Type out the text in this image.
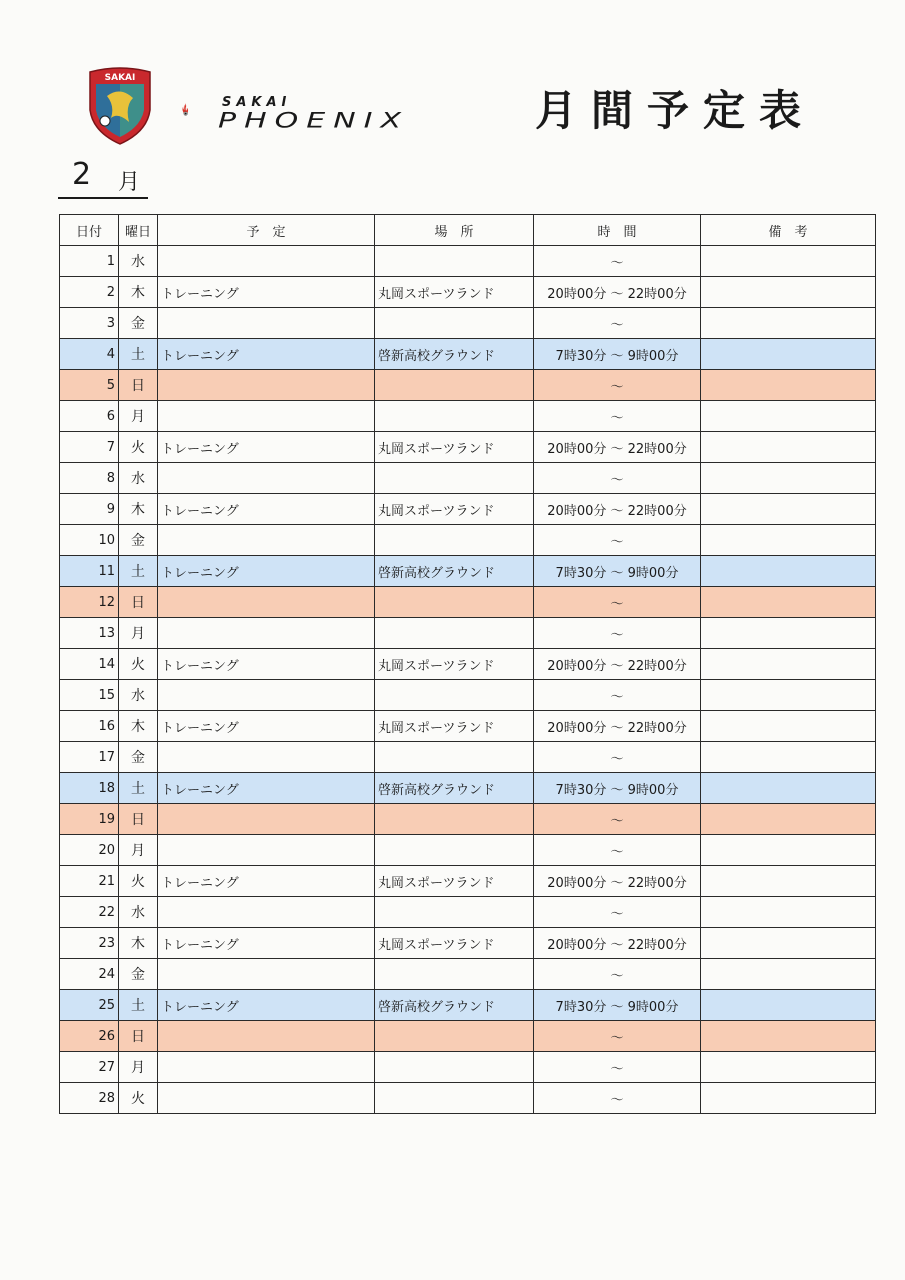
SAKAI
SAKAI
PHOENIX	月間予定表
2 月
日付	曜日	予　定	場　所	時　間	備　考
1	水			〜	
2	木	トレーニング	丸岡スポーツランド	20時00分 〜 22時00分	
3	金			〜	
4	土	トレーニング	啓新高校グラウンド	7時30分 〜 9時00分	
5	日			〜	
6	月			〜	
7	火	トレーニング	丸岡スポーツランド	20時00分 〜 22時00分	
8	水			〜	
9	木	トレーニング	丸岡スポーツランド	20時00分 〜 22時00分	
10	金			〜	
11	土	トレーニング	啓新高校グラウンド	7時30分 〜 9時00分	
12	日			〜	
13	月			〜	
14	火	トレーニング	丸岡スポーツランド	20時00分 〜 22時00分	
15	水			〜	
16	木	トレーニング	丸岡スポーツランド	20時00分 〜 22時00分	
17	金			〜	
18	土	トレーニング	啓新高校グラウンド	7時30分 〜 9時00分	
19	日			〜	
20	月			〜	
21	火	トレーニング	丸岡スポーツランド	20時00分 〜 22時00分	
22	水			〜	
23	木	トレーニング	丸岡スポーツランド	20時00分 〜 22時00分	
24	金			〜	
25	土	トレーニング	啓新高校グラウンド	7時30分 〜 9時00分	
26	日			〜	
27	月			〜	
28	火			〜	
